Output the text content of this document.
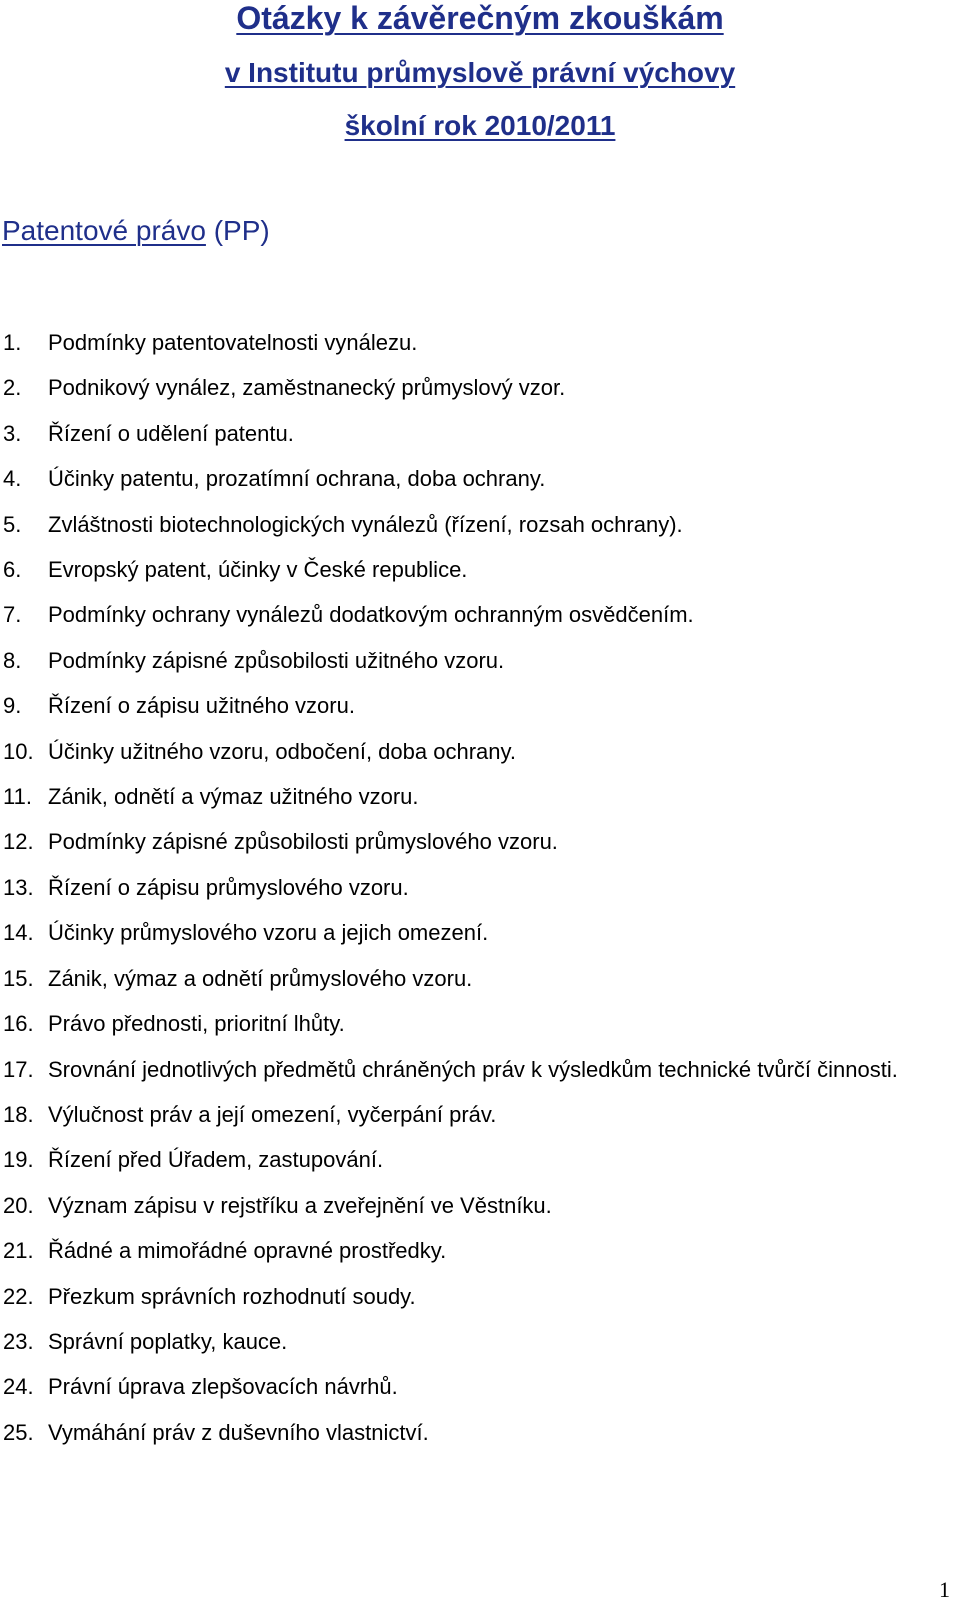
Otázky k závěrečným zkouškám
v Institutu průmyslově právní výchovy
školní rok 2010/2011
Patentové právo (PP)
1. Podmínky patentovatelnosti vynálezu.
2. Podnikový vynález, zaměstnanecký průmyslový vzor.
3. Řízení o udělení patentu.
4. Účinky patentu, prozatímní ochrana, doba ochrany.
5. Zvláštnosti biotechnologických vynálezů (řízení, rozsah ochrany).
6. Evropský patent, účinky v České republice.
7. Podmínky ochrany vynálezů dodatkovým ochranným osvědčením.
8. Podmínky zápisné způsobilosti užitného vzoru.
9. Řízení o zápisu užitného vzoru.
10. Účinky užitného vzoru, odbočení, doba ochrany.
11. Zánik, odnětí a výmaz užitného vzoru.
12. Podmínky zápisné způsobilosti průmyslového vzoru.
13. Řízení o zápisu průmyslového vzoru.
14. Účinky průmyslového vzoru a jejich omezení.
15. Zánik, výmaz a odnětí průmyslového vzoru.
16. Právo přednosti, prioritní lhůty.
17. Srovnání jednotlivých předmětů chráněných práv k výsledkům technické tvůrčí činnosti.
18. Výlučnost práv a její omezení, vyčerpání práv.
19. Řízení před Úřadem, zastupování.
20. Význam zápisu v rejstříku a zveřejnění ve Věstníku.
21. Řádné a mimořádné opravné prostředky.
22. Přezkum správních rozhodnutí soudy.
23. Správní poplatky, kauce.
24. Právní úprava zlepšovacích návrhů.
25. Vymáhání práv z duševního vlastnictví.
1
